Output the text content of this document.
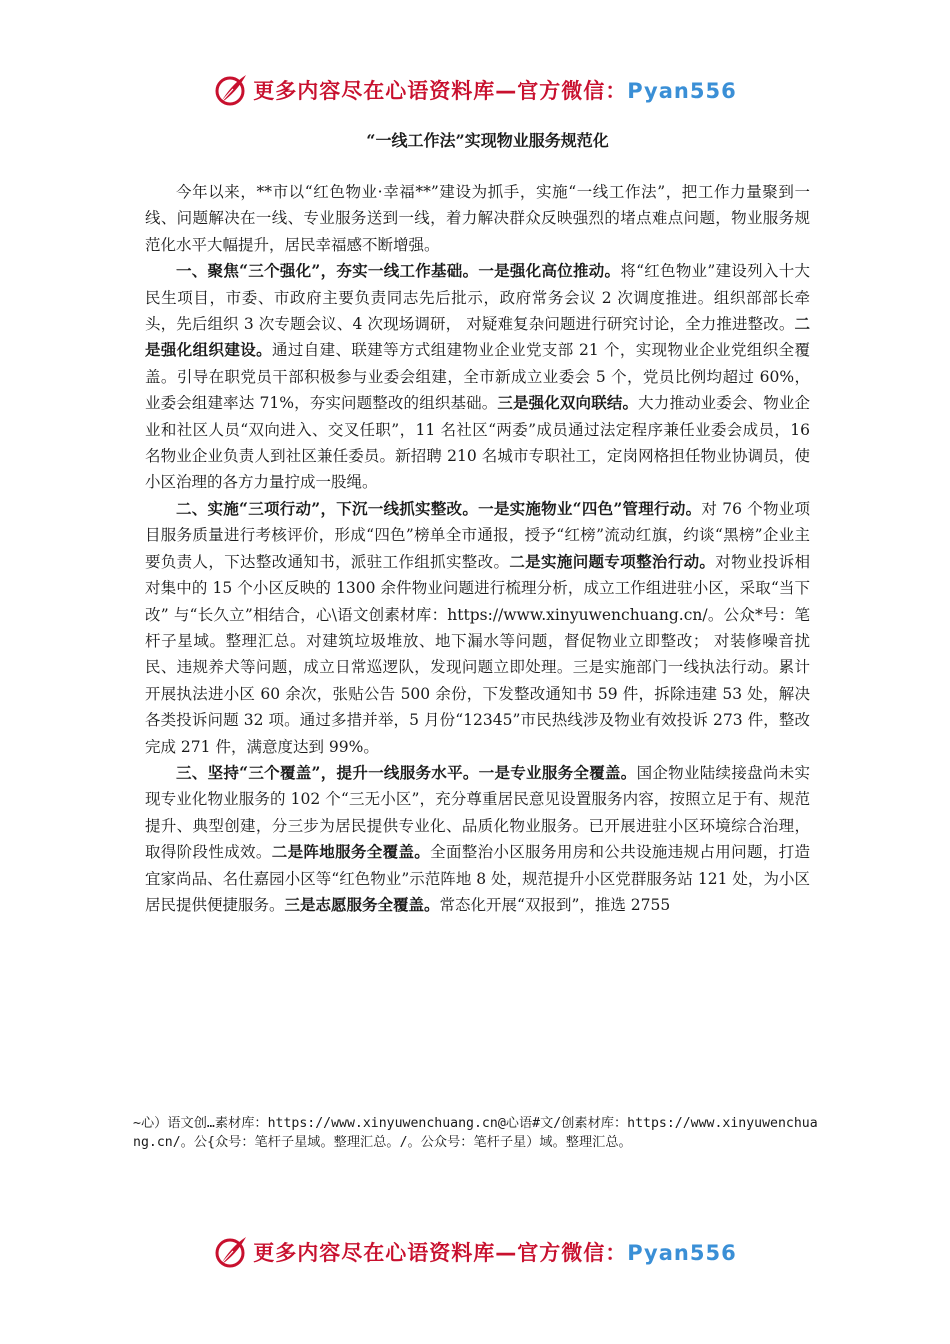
更多内容尽在心语资料库—官方微信：Pyan556
“一线工作法”实现物业服务规范化

今年以来，**市以“红色物业·幸福**”建设为抓手，实施“一线工作法”，把工作力量聚到一线、问题解决在一线、专业服务送到一线，着力解决群众反映强烈的堵点难点问题，物业服务规范化水平大幅提升，居民幸福感不断增强。

一、聚焦“三个强化”，夯实一线工作基础。一是强化高位推动。将“红色物业”建设列入十大民生项目，市委、市政府主要负责同志先后批示，政府常务会议 2 次调度推进。组织部部长牵头，先后组织 3 次专题会议、4 次现场调研， 对疑难复杂问题进行研究讨论，全力推进整改。二是强化组织建设。通过自建、联建等方式组建物业企业党支部 21 个，实现物业企业党组织全覆盖。引导在职党员干部积极参与业委会组建，全市新成立业委会 5 个，党员比例均超过 60%， 业委会组建率达 71%，夯实问题整改的组织基础。三是强化双向联结。大力推动业委会、物业企业和社区人员“双向进入、交叉任职”，11 名社区“两委”成员通过法定程序兼任业委会成员，16 名物业企业负责人到社区兼任委员。新招聘 210 名城市专职社工，定岗网格担任物业协调员，使小区治理的各方力量拧成一股绳。

二、实施“三项行动”，下沉一线抓实整改。一是实施物业“四色”管理行动。对 76 个物业项目服务质量进行考核评价，形成“四色”榜单全市通报，授予“红榜”流动红旗，约谈“黑榜”企业主要负责人，下达整改通知书，派驻工作组抓实整改。二是实施问题专项整治行动。对物业投诉相对集中的 15 个小区反映的 1300 余件物业问题进行梳理分析，成立工作组进驻小区，采取“当下改” 与“长久立”相结合，心\语文创素材库：https://www.xinyuwenchuang.cn/。公众*号：笔杆子星域。整理汇总。对建筑垃圾堆放、地下漏水等问题，督促物业立即整改； 对装修噪音扰民、违规养犬等问题，成立日常巡逻队，发现问题立即处理。三是实施部门一线执法行动。累计开展执法进小区 60 余次，张贴公告 500 余份，下发整改通知书 59 件，拆除违建 53 处，解决各类投诉问题 32 项。通过多措并举，5 月份“12345”市民热线涉及物业有效投诉 273 件，整改完成 271 件，满意度达到 99%。

三、坚持“三个覆盖”，提升一线服务水平。一是专业服务全覆盖。国企物业陆续接盘尚未实现专业化物业服务的 102 个“三无小区”，充分尊重居民意见设置服务内容，按照立足于有、规范提升、典型创建，分三步为居民提供专业化、品质化物业服务。已开展进驻小区环境综合治理，取得阶段性成效。二是阵地服务全覆盖。全面整治小区服务用房和公共设施违规占用问题，打造宜家尚品、名仕嘉园小区等“红色物业”示范阵地 8 处，规范提升小区党群服务站 121 处，为小区居民提供便捷服务。三是志愿服务全覆盖。常态化开展“双报到”，推选 2755

~心）语文创…素材库：https://www.xinyuwenchuang.cn@心语#文/创素材库：https://www.xinyuwenchuang.cn/。公{众号：笔杆子星域。整理汇总。/。公众号：笔杆子星）域。整理汇总。
更多内容尽在心语资料库—官方微信：Pyan556
